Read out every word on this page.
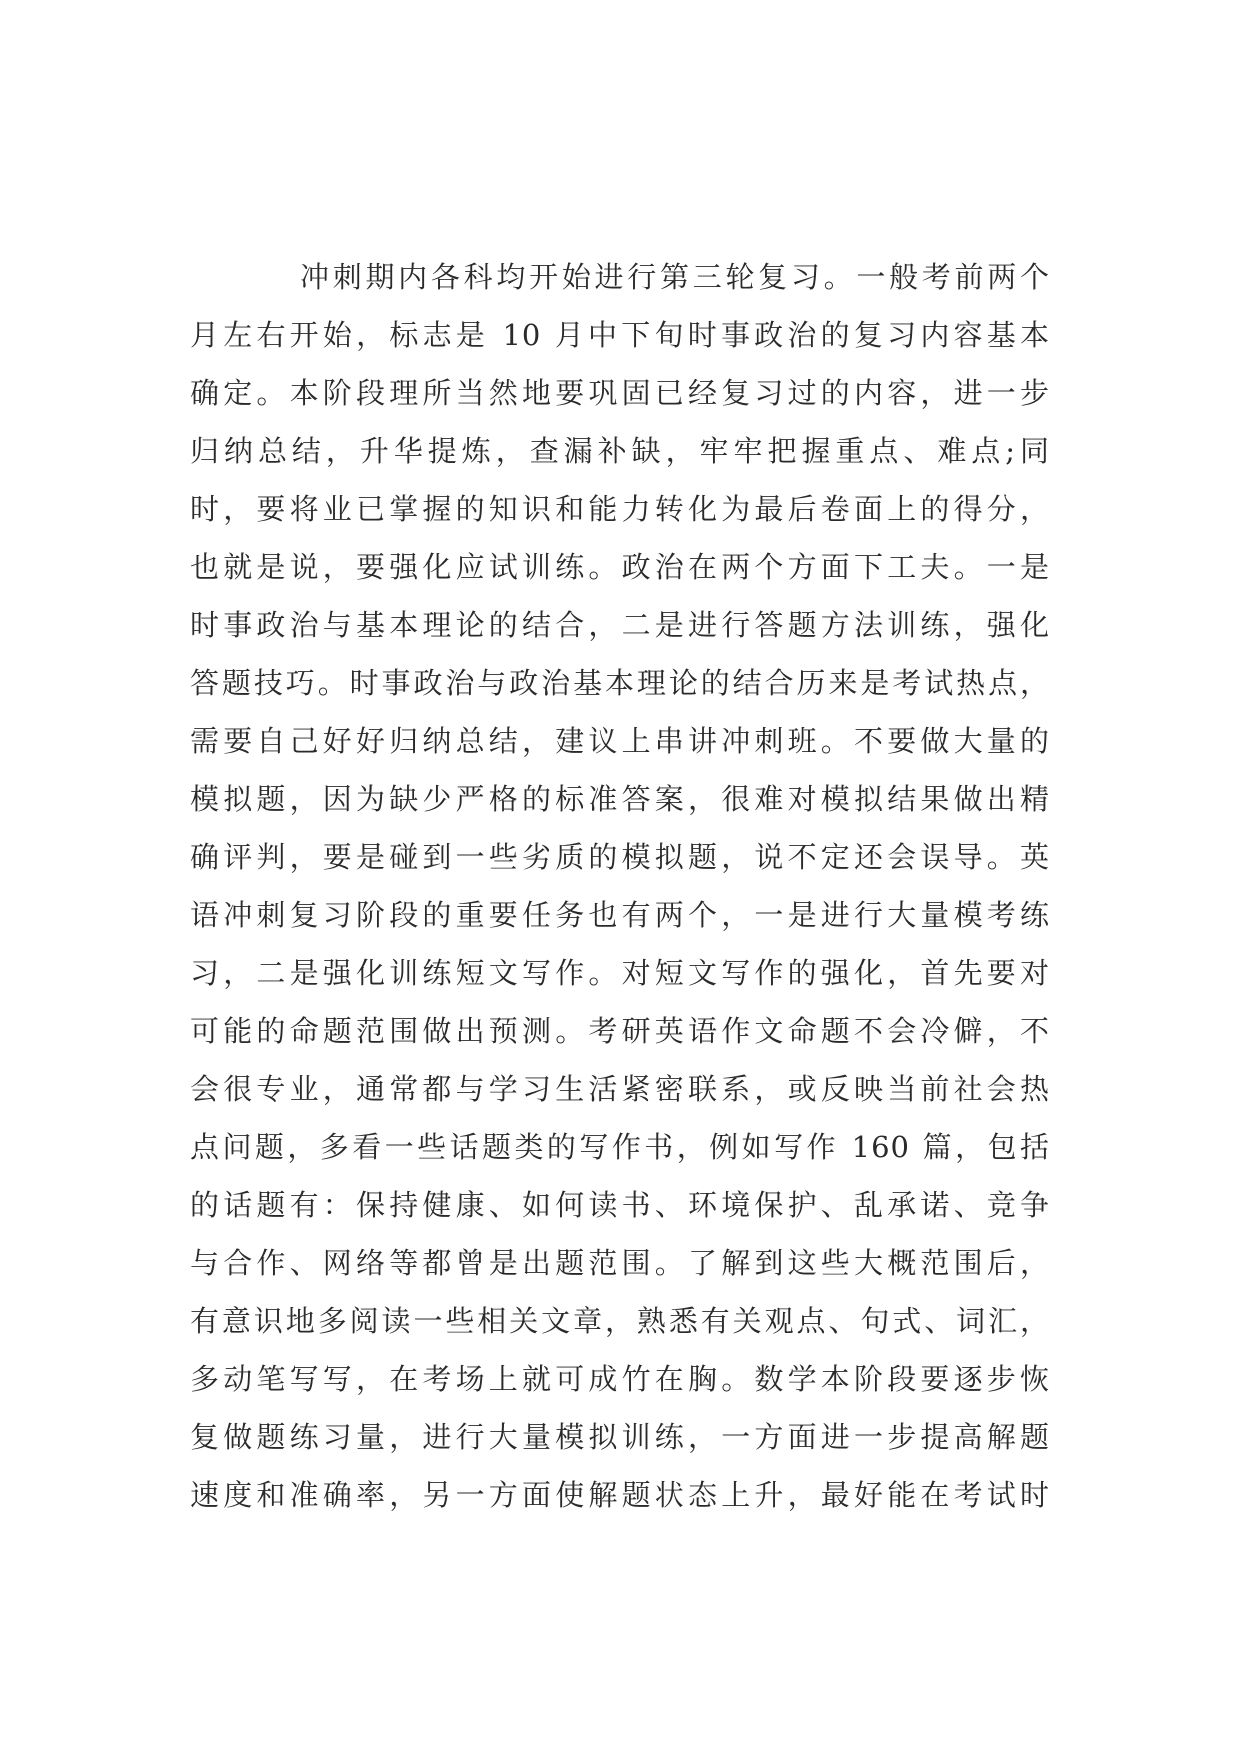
冲刺期内各科均开始进行第三轮复习。一般考前两个
月左右开始，标志是 10 月中下旬时事政治的复习内容基本
确定。本阶段理所当然地要巩固已经复习过的内容，进一步
归纳总结，升华提炼，查漏补缺，牢牢把握重点、难点;同
时，要将业已掌握的知识和能力转化为最后卷面上的得分，
也就是说，要强化应试训练。政治在两个方面下工夫。一是
时事政治与基本理论的结合，二是进行答题方法训练，强化
答题技巧。时事政治与政治基本理论的结合历来是考试热点，
需要自己好好归纳总结，建议上串讲冲刺班。不要做大量的
模拟题，因为缺少严格的标准答案，很难对模拟结果做出精
确评判，要是碰到一些劣质的模拟题，说不定还会误导。英
语冲刺复习阶段的重要任务也有两个，一是进行大量模考练
习，二是强化训练短文写作。对短文写作的强化，首先要对
可能的命题范围做出预测。考研英语作文命题不会冷僻，不
会很专业，通常都与学习生活紧密联系，或反映当前社会热
点问题，多看一些话题类的写作书，例如写作 160 篇，包括
的话题有：保持健康、如何读书、环境保护、乱承诺、竞争
与合作、网络等都曾是出题范围。了解到这些大概范围后，
有意识地多阅读一些相关文章，熟悉有关观点、句式、词汇，
多动笔写写，在考场上就可成竹在胸。数学本阶段要逐步恢
复做题练习量，进行大量模拟训练，一方面进一步提高解题
速度和准确率，另一方面使解题状态上升，最好能在考试时
